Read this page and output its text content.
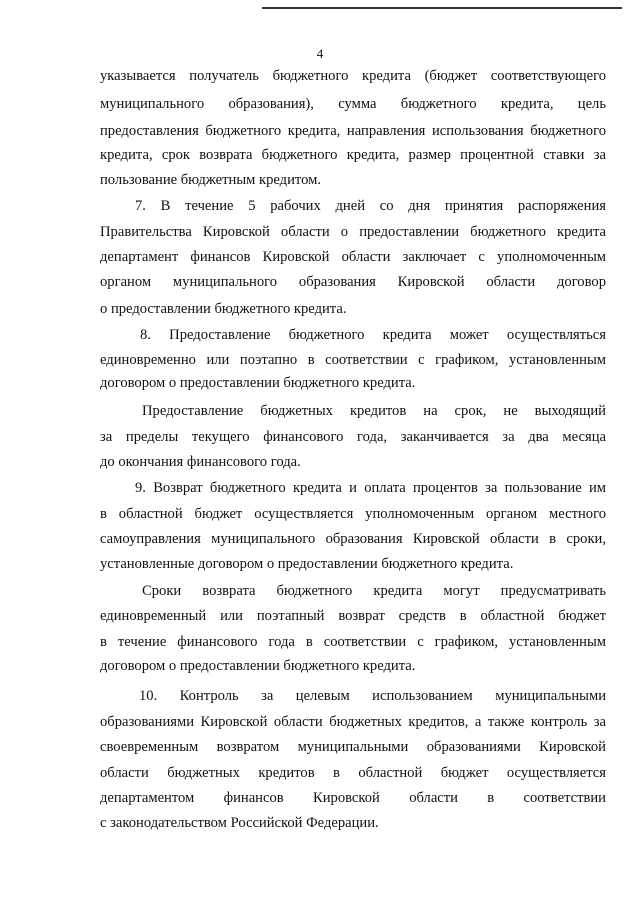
4
указывается получатель бюджетного кредита (бюджет соответствующего
муниципального образования), сумма бюджетного кредита, цель
предоставления бюджетного кредита, направления использования бюджетного
кредита, срок возврата бюджетного кредита, размер процентной ставки за
пользование бюджетным кредитом.
7. В течение 5 рабочих дней со дня принятия распоряжения
Правительства Кировской области о предоставлении бюджетного кредита
департамент финансов Кировской области заключает с уполномоченным
органом муниципального образования Кировской области договор
о предоставлении бюджетного кредита.
8. Предоставление бюджетного кредита может осуществляться
единовременно или поэтапно в соответствии с графиком, установленным
договором о предоставлении бюджетного кредита.
Предоставление бюджетных кредитов на срок, не выходящий
за пределы текущего финансового года, заканчивается за два месяца
до окончания финансового года.
9. Возврат бюджетного кредита и оплата процентов за пользование им
в областной бюджет осуществляется уполномоченным органом местного
самоуправления муниципального образования Кировской области в сроки,
установленные договором о предоставлении бюджетного кредита.
Сроки возврата бюджетного кредита могут предусматривать
единовременный или поэтапный возврат средств в областной бюджет
в течение финансового года в соответствии с графиком, установленным
договором о предоставлении бюджетного кредита.
10. Контроль за целевым использованием муниципальными
образованиями Кировской области бюджетных кредитов, а также контроль за
своевременным возвратом муниципальными образованиями Кировской
области бюджетных кредитов в областной бюджет осуществляется
департаментом финансов Кировской области в соответствии
с законодательством Российской Федерации.
